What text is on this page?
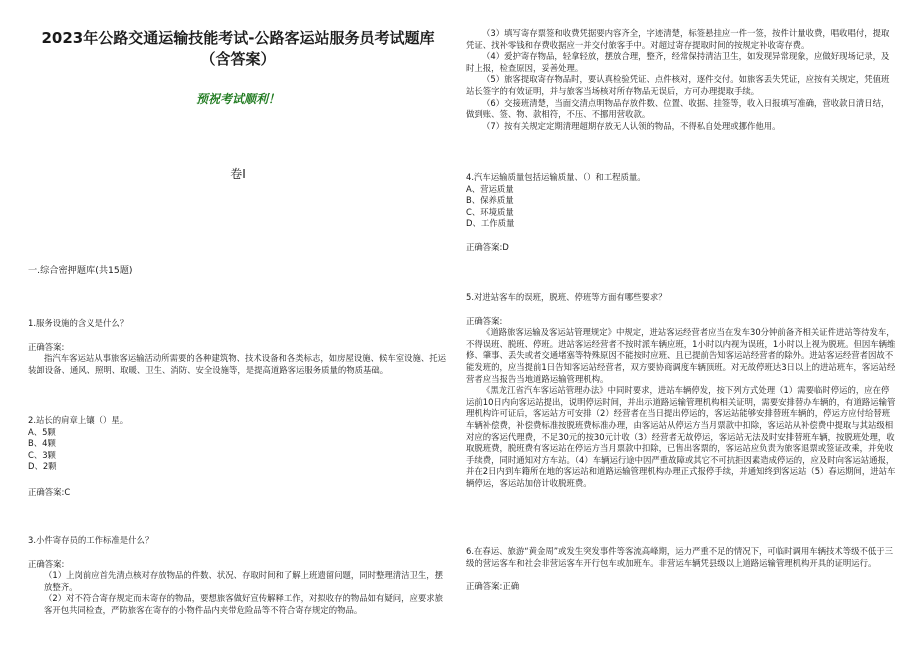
2023年公路交通运输技能考试-公路客运站服务员考试题库（含答案）
预祝考试顺利！
卷I
一.综合密押题库(共15题)

1.服务设施的含义是什么？

正确答案:

指汽车客运站从事旅客运输活动所需要的各种建筑物、技术设备和各类标志，如房屋设施、候车室设施、托运装卸设备、通风、照明、取暖、卫生、消防、安全设施等，是提高道路客运服务质量的物质基础。

2.站长的肩章上镶（）星。

A、5颗

B、4颗

C、3颗

D、2颗

正确答案:C

3.小件寄存员的工作标准是什么？

正确答案:

（1）上岗前应首先清点核对存放物品的件数、状况、存取时间和了解上班遗留问题，同时整理清洁卫生，摆放整齐。

（2）对不符合寄存规定而未寄存的物品，要想旅客做好宣传解释工作，对拟收存的物品如有疑问，应要求旅客开包共同检查，严防旅客在寄存的小物件品内夹带危险品等不符合寄存规定的物品。

（3）填写寄存票签和收费凭据要内容齐全，字迹清楚，标签悬挂应一件一签，按件计量收费，唱收唱付，提取凭证、找补零钱和存费收据应一并交付旅客手中。对超过寄存提取时间的按规定补收寄存费。

（4）爱护寄存物品，轻拿轻放，摆放合理，整齐，经常保持清洁卫生，如发现异常现象，应做好现场记录，及时上报，检查原因，妥善处理。

（5）旅客提取寄存物品时，要认真检验凭证、点件核对，逐件交付。如旅客丢失凭证，应按有关规定，凭值班站长签字的有效证明，并与旅客当场核对所存物品无误后，方可办理提取手续。

（6）交接班清楚，当面交清点明物品存放件数、位置、收据、挂签等，收入日报填写准确，营收款日清日结，做到账、签、物、款相符，不压、不挪用营收款。

（7）按有关规定定期清理超期存放无人认领的物品，不得私自处理或挪作他用。

4.汽车运输质量包括运输质量、（）和工程质量。

A、营运质量

B、保养质量

C、环境质量

D、工作质量

正确答案:D

5.对进站客车的误班，脱班、停班等方面有哪些要求？

正确答案:

《道路旅客运输及客运站管理规定》中规定，进站客运经营者应当在发车30分钟前备齐相关证件进站等待发车，不得误班、脱班、停班。进站客运经营者不按时派车辆应班，1小时以内视为误班，1小时以上视为脱班。但因车辆维修、肇事、丢失或者交通堵塞等特殊原因不能按时应班、且已提前告知客运站经营者的除外。进站客运经营者因故不能发班的，应当提前1日告知客运站经营者，双方要协商调度车辆顶班。对无故停班达3日以上的进站班车，客运站经营者应当报告当地道路运输管理机构。

《黑龙江省汽车客运站管理办法》中同时要求，进站车辆停发，按下列方式处理（1）需要临时停运的，应在停运前10日内向客运站提出，说明停运时间，并出示道路运输管理机构相关证明，需要安排替办车辆的，有道路运输管理机构许可证后，客运站方可安排（2）经营者在当日提出停运的，客运站能够安排替班车辆的，停运方应付给替班车辆补偿费，补偿费标准按脱班费标准办理，由客运站从停运方当月票款中扣除，客运站从补偿费中提取与其站级相对应的客运代理费，不足30元的按30元计收（3）经营者无故停运，客运站无法及时安排替班车辆，按脱班处理，收取脱班费，脱班费有客运站在停运方当月票款中扣除，已售出客票的，客运站应负责为旅客退票或签证改乘，并免收手续费，同时通知对方车站。（4）车辆运行途中因严重故障或其它不可抗拒因素造成停运的，应及时向客运站通报，并在2日内到车籍所在地的客运站和道路运输管理机构办理正式报停手续，并通知终到客运站（5）春运期间，进站车辆停运，客运站加倍计收脱班费。

6.在春运、旅游“黄金周”或发生突发事件等客流高峰期，运力严重不足的情况下，可临时调用车辆技术等级不低于三级的营运客车和社会非营运客车开行包车或加班车。非营运车辆凭县级以上道路运输管理机构开具的证明运行。

正确答案:正确
